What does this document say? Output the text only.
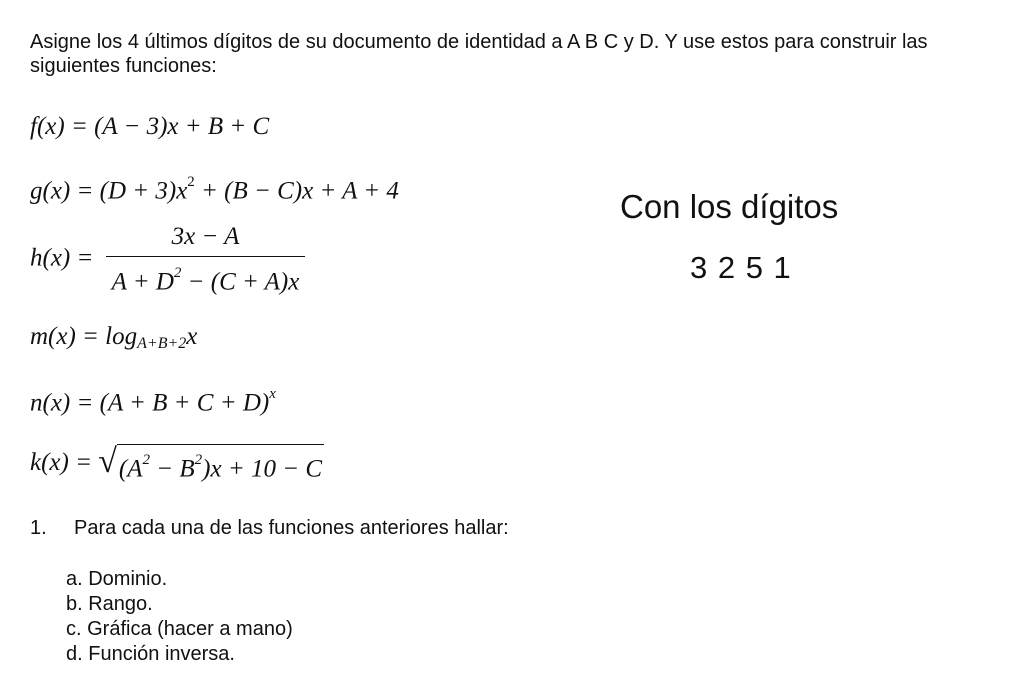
Asigne los 4 últimos dígitos de su documento de identidad a A B C y D. Y use estos para construir las siguientes funciones:

f(x) = (A − 3)x + B + C
$g(x) = (D + 3)x^2 + (B - C)x + A + 4$
$h(x) = \frac{3x - A}{A + D^2 - (C + A)x}$
$m(x) = \log_{A+B+2}x$
$n(x) = (A + B + C + D)^x$
$k(x) = √(A^2 - B^2)x + 10 - C$

Con los dígitos

3 2 5 1

1. Para cada una de las funciones anteriores hallar:
a. Dominio.
b. Rango.
c. Gráfica (hacer a mano)
d. Función inversa.
